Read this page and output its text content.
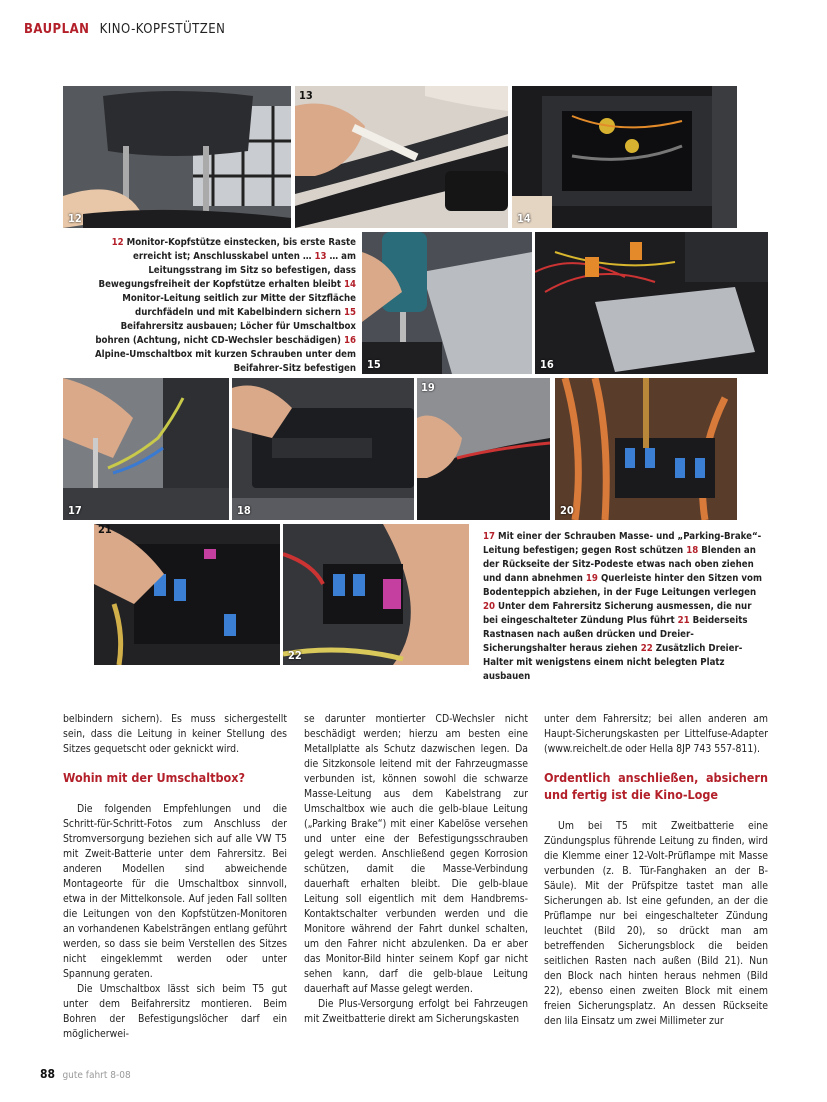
BAUPLAN KINO-KOPFSTÜTZEN
12
13
14
12 Monitor-Kopfstütze einstecken, bis erste Raste erreicht ist; Anschlusskabel unten … 13 … am Leitungsstrang im Sitz so befestigen, dass Bewegungsfreiheit der Kopfstütze erhalten bleibt 14 Monitor-Leitung seitlich zur Mitte der Sitzfläche durchfädeln und mit Kabelbindern sichern 15 Beifahrersitz ausbauen; Löcher für Umschaltbox bohren (Achtung, nicht CD-Wechsler beschädigen) 16 Alpine-Umschaltbox mit kurzen Schrauben unter dem Beifahrer-Sitz befestigen 15	16
17	18
19
20
21
22
17 Mit einer der Schrauben Masse- und „Parking-Brake“-Leitung befestigen; gegen Rost schützen 18 Blenden an der Rückseite der Sitz-Podeste etwas nach oben ziehen und dann abnehmen 19 Querleiste hinter den Sitzen vom Bodenteppich abziehen, in der Fuge Leitungen verlegen 20 Unter dem Fahrersitz Sicherung ausmessen, die nur bei eingeschalteter Zündung Plus führt 21 Beiderseits Rastnasen nach außen drücken und Dreier-Sicherungshalter heraus ziehen 22 Zusätzlich Dreier-Halter mit wenigstens einem nicht belegten Platz ausbauen

belbindern sichern). Es muss sichergestellt sein, dass die Leitung in keiner Stellung des Sitzes gequetscht oder geknickt wird.

Wohin mit der Umschaltbox?

Die folgenden Empfehlungen und die Schritt-für-Schritt-Fotos zum Anschluss der Stromversorgung beziehen sich auf alle VW T5 mit Zweit-Batterie unter dem Fahrersitz. Bei anderen Modellen sind abweichende Montageorte für die Umschaltbox sinnvoll, etwa in der Mittelkonsole. Auf jeden Fall sollten die Leitungen von den Kopfstützen-Monitoren an vorhandenen Kabelsträngen entlang geführt werden, so dass sie beim Verstellen des Sitzes nicht eingeklemmt werden oder unter Spannung geraten.

Die Umschaltbox lässt sich beim T5 gut unter dem Beifahrersitz montieren. Beim Bohren der Befestigungslöcher darf ein möglicherwei-

se darunter montierter CD-Wechsler nicht beschädigt werden; hierzu am besten eine Metallplatte als Schutz dazwischen legen. Da die Sitzkonsole leitend mit der Fahrzeugmasse verbunden ist, können sowohl die schwarze Masse-Leitung aus dem Kabelstrang zur Umschaltbox wie auch die gelb-blaue Leitung („Parking Brake“) mit einer Kabelöse versehen und unter eine der Befestigungsschrauben gelegt werden. Anschließend gegen Korrosion schützen, damit die Masse-Verbindung dauerhaft erhalten bleibt. Die gelb-blaue Leitung soll eigentlich mit dem Handbrems-Kontaktschalter verbunden werden und die Monitore während der Fahrt dunkel schalten, um den Fahrer nicht abzulenken. Da er aber das Monitor-Bild hinter seinem Kopf gar nicht sehen kann, darf die gelb-blaue Leitung dauerhaft auf Masse gelegt werden.

Die Plus-Versorgung erfolgt bei Fahrzeugen mit Zweitbatterie direkt am Sicherungskasten

unter dem Fahrersitz; bei allen anderen am Haupt-Sicherungskasten per Littelfuse-Adapter (www.reichelt.de oder Hella 8JP 743 557-811).

Ordentlich anschließen, absichern und fertig ist die Kino-Loge

Um bei T5 mit Zweitbatterie eine Zündungsplus führende Leitung zu finden, wird die Klemme einer 12-Volt-Prüflampe mit Masse verbunden (z. B. Tür-Fanghaken an der B-Säule). Mit der Prüfspitze tastet man alle Sicherungen ab. Ist eine gefunden, an der die Prüflampe nur bei eingeschalteter Zündung leuchtet (Bild 20), so drückt man am betreffenden Sicherungsblock die beiden seitlichen Rasten nach außen (Bild 21). Nun den Block nach hinten heraus nehmen (Bild 22), ebenso einen zweiten Block mit einem freien Sicherungsplatz. An dessen Rückseite den lila Einsatz um zwei Millimeter zur

88 gute fahrt 8-08
